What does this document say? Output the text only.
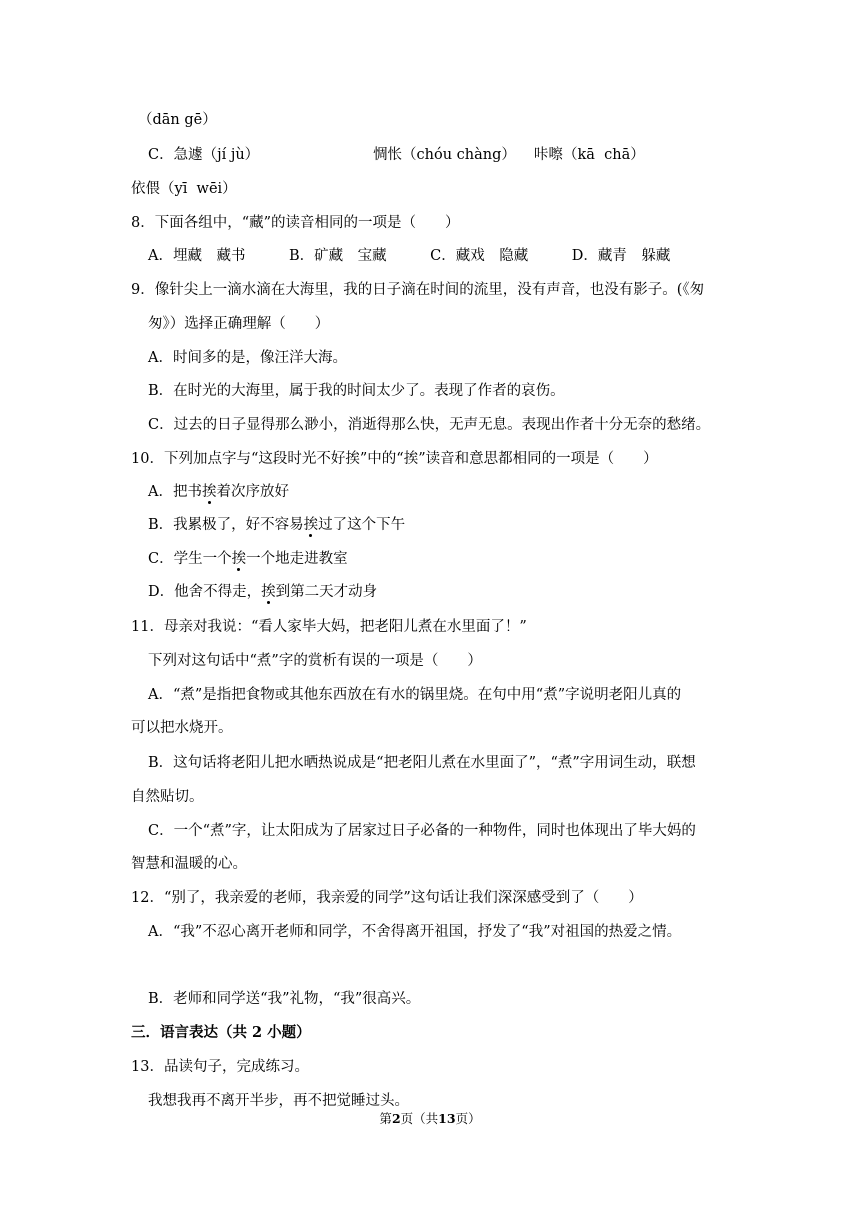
（dān gē）
C．急遽（jí jù）	惆怅（chóu chàng） 咔嚓（kā  chā）
依偎（yī  wēi）
8．下面各组中，“藏”的读音相同的一项是（　　）
A．埋藏　藏书　　　B．矿藏　宝藏　　　C．藏戏　隐藏　　　D．藏青　躲藏
9．像针尖上一滴水滴在大海里，我的日子滴在时间的流里，没有声音，也没有影子。(《匆
匆》）选择正确理解（　　）
A．时间多的是，像汪洋大海。
B．在时光的大海里，属于我的时间太少了。表现了作者的哀伤。
C．过去的日子显得那么渺小，消逝得那么快，无声无息。表现出作者十分无奈的愁绪。
10．下列加点字与“这段时光不好挨”中的“挨”读音和意思都相同的一项是（　　）
A．把书挨着次序放好
B．我累极了，好不容易挨过了这个下午
C．学生一个挨一个地走进教室
D．他舍不得走，挨到第二天才动身
11．母亲对我说：“看人家毕大妈，把老阳儿煮在水里面了！”
下列对这句话中“煮”字的赏析有误的一项是（　　）
A．“煮”是指把食物或其他东西放在有水的锅里烧。在句中用“煮”字说明老阳儿真的
可以把水烧开。
B．这句话将老阳儿把水晒热说成是“把老阳儿煮在水里面了”，“煮”字用词生动，联想
自然贴切。
C．一个“煮”字，让太阳成为了居家过日子必备的一种物件，同时也体现出了毕大妈的
智慧和温暖的心。
12．“别了，我亲爱的老师，我亲爱的同学”这句话让我们深深感受到了（　　）
A．“我”不忍心离开老师和同学，不舍得离开祖国，抒发了“我”对祖国的热爱之情。
B．老师和同学送“我”礼物，“我”很高兴。
三．语言表达（共 2 小题）
13．品读句子，完成练习。
我想我再不离开半步，再不把觉睡过头。
第2页（共13页）
